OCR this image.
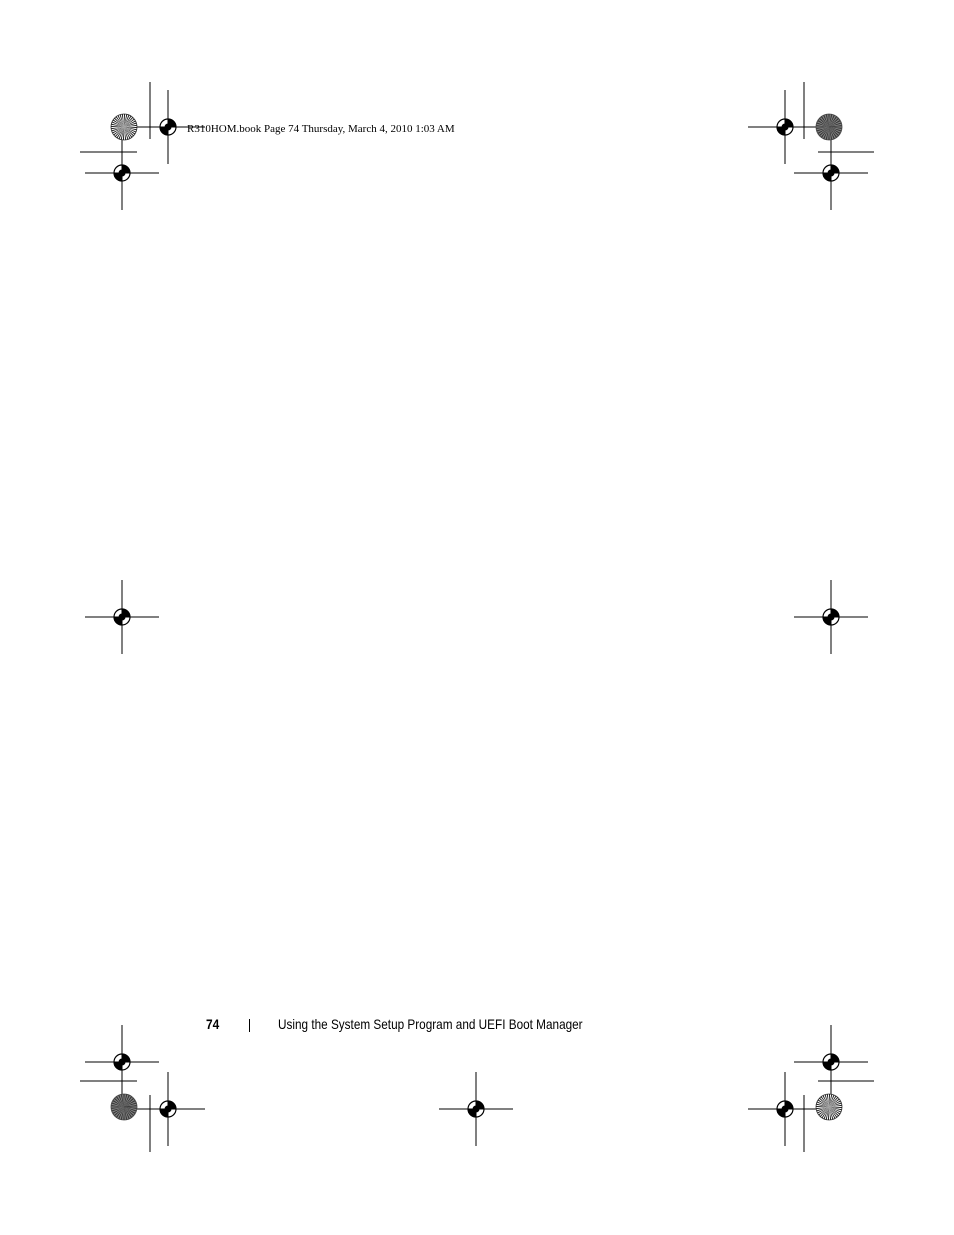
R310HOM.book Page 74 Thursday, March 4, 2010 1:03 AM
74	Using the System Setup Program and UEFI Boot Manager
